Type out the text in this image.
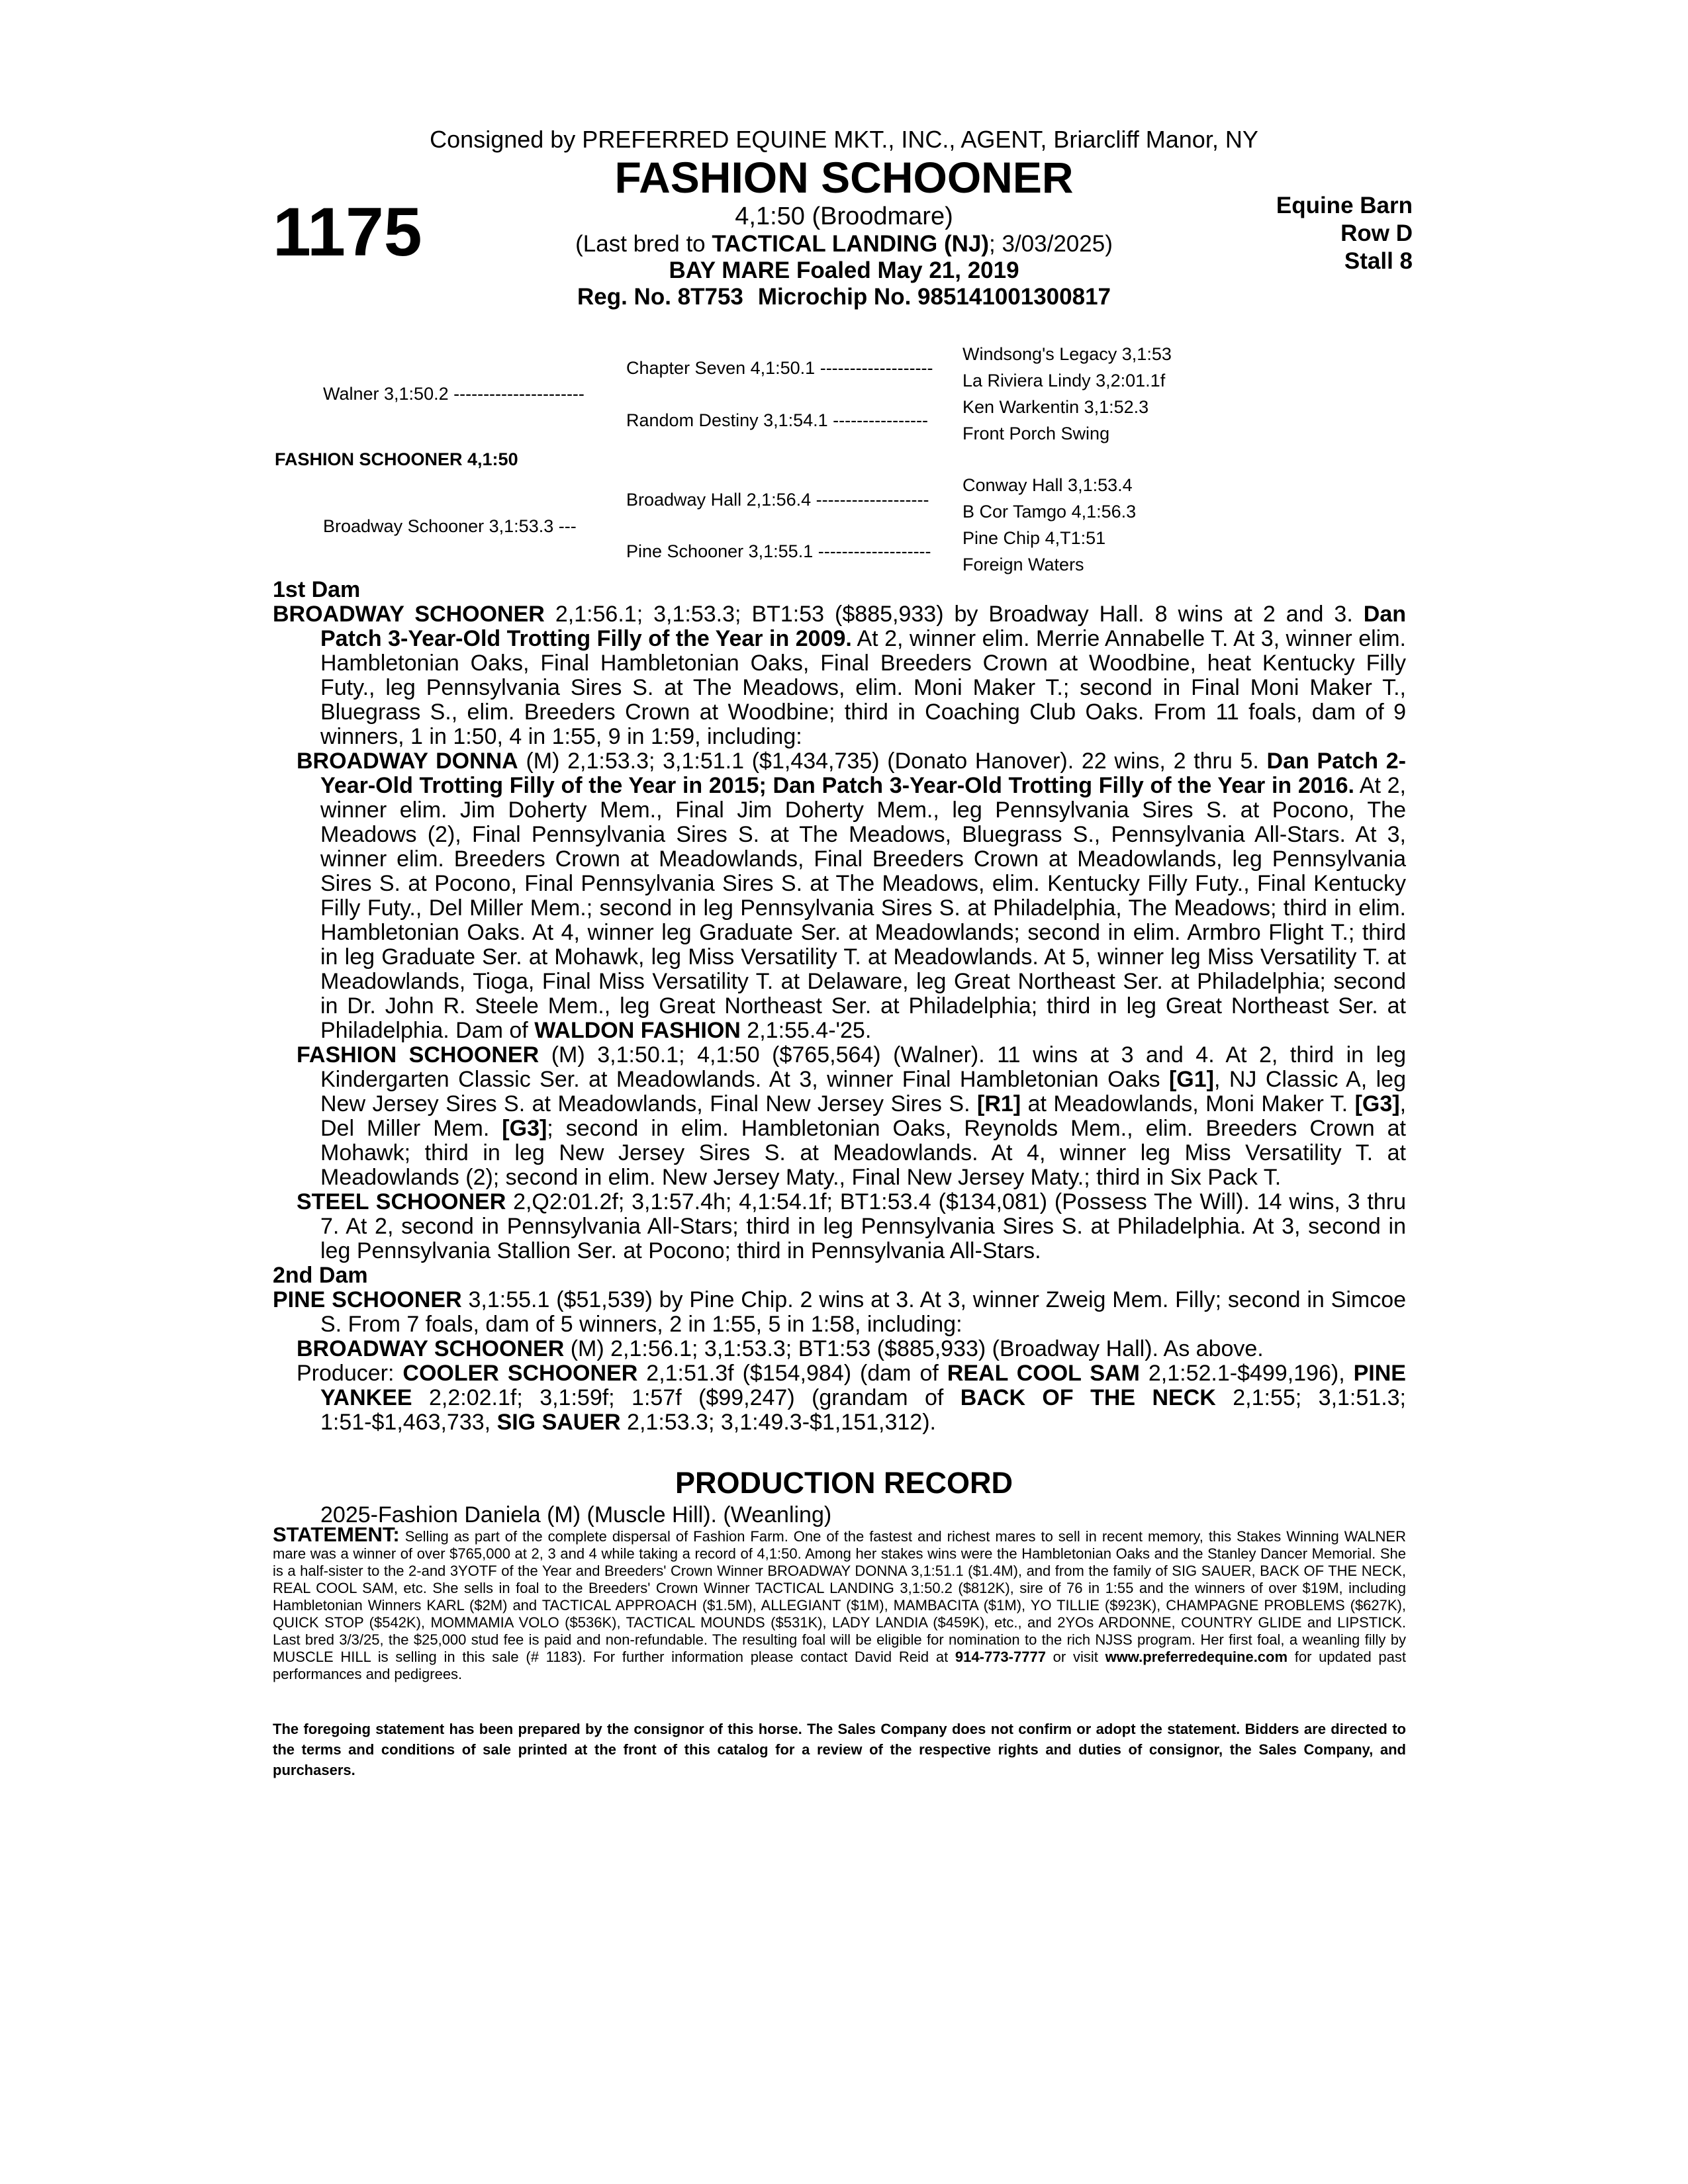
Consigned by PREFERRED EQUINE MKT., INC., AGENT, Briarcliff Manor, NY
FASHION SCHOONER
1175	Equine Barn
Row D
Stall 8
4,1:50 (Broodmare)
(Last bred to TACTICAL LANDING (NJ); 3/03/2025)
BAY MARE Foaled May 21, 2019
Reg. No. 8T753 Microchip No. 985141001300817
FASHION SCHOONER 4,1:50
Walner 3,1:50.2 ----------------------
Broadway Schooner 3,1:53.3 ---
Chapter Seven 4,1:50.1 -------------------
Random Destiny 3,1:54.1 ----------------
Broadway Hall 2,1:56.4 -------------------
Pine Schooner 3,1:55.1 -------------------
Windsong's Legacy 3,1:53
La Riviera Lindy 3,2:01.1f
Ken Warkentin 3,1:52.3
Front Porch Swing
Conway Hall 3,1:53.4
B Cor Tamgo 4,1:56.3
Pine Chip 4,T1:51
Foreign Waters

1st Dam

BROADWAY SCHOONER 2,1:56.1; 3,1:53.3; BT1:53 ($885,933) by Broadway Hall. 8 wins at 2 and 3. Dan Patch 3-Year-Old Trotting Filly of the Year in 2009. At 2, winner elim. Merrie Annabelle T. At 3, winner elim. Hambletonian Oaks, Final Hambletonian Oaks, Final Breeders Crown at Woodbine, heat Kentucky Filly Futy., leg Pennsylvania Sires S. at The Meadows, elim. Moni Maker T.; second in Final Moni Maker T., Bluegrass S., elim. Breeders Crown at Woodbine; third in Coaching Club Oaks. From 11 foals, dam of 9 winners, 1 in 1:50, 4 in 1:55, 9 in 1:59, including:

BROADWAY DONNA (M) 2,1:53.3; 3,1:51.1 ($1,434,735) (Donato Hanover). 22 wins, 2 thru 5. Dan Patch 2-Year-Old Trotting Filly of the Year in 2015; Dan Patch 3-Year-Old Trotting Filly of the Year in 2016. At 2, winner elim. Jim Doherty Mem., Final Jim Doherty Mem., leg Pennsylvania Sires S. at Pocono, The Meadows (2), Final Pennsylvania Sires S. at The Meadows, Bluegrass S., Pennsylvania All-Stars. At 3, winner elim. Breeders Crown at Meadowlands, Final Breeders Crown at Meadowlands, leg Pennsylvania Sires S. at Pocono, Final Pennsylvania Sires S. at The Meadows, elim. Kentucky Filly Futy., Final Kentucky Filly Futy., Del Miller Mem.; second in leg Pennsylvania Sires S. at Philadelphia, The Meadows; third in elim. Hambletonian Oaks. At 4, winner leg Graduate Ser. at Meadowlands; second in elim. Armbro Flight T.; third in leg Graduate Ser. at Mohawk, leg Miss Versatility T. at Meadowlands. At 5, winner leg Miss Versatility T. at Meadowlands, Tioga, Final Miss Versatility T. at Delaware, leg Great Northeast Ser. at Philadelphia; second in Dr. John R. Steele Mem., leg Great Northeast Ser. at Philadelphia; third in leg Great Northeast Ser. at Philadelphia. Dam of WALDON FASHION 2,1:55.4-'25.

FASHION SCHOONER (M) 3,1:50.1; 4,1:50 ($765,564) (Walner). 11 wins at 3 and 4. At 2, third in leg Kindergarten Classic Ser. at Meadowlands. At 3, winner Final Hambletonian Oaks [G1], NJ Classic A, leg New Jersey Sires S. at Meadowlands, Final New Jersey Sires S. [R1] at Meadowlands, Moni Maker T. [G3], Del Miller Mem. [G3]; second in elim. Hambletonian Oaks, Reynolds Mem., elim. Breeders Crown at Mohawk; third in leg New Jersey Sires S. at Meadowlands. At 4, winner leg Miss Versatility T. at Meadowlands (2); second in elim. New Jersey Maty., Final New Jersey Maty.; third in Six Pack T.

STEEL SCHOONER 2,Q2:01.2f; 3,1:57.4h; 4,1:54.1f; BT1:53.4 ($134,081) (Possess The Will). 14 wins, 3 thru 7. At 2, second in Pennsylvania All-Stars; third in leg Pennsylvania Sires S. at Philadelphia. At 3, second in leg Pennsylvania Stallion Ser. at Pocono; third in Pennsylvania All-Stars.

2nd Dam

PINE SCHOONER 3,1:55.1 ($51,539) by Pine Chip. 2 wins at 3. At 3, winner Zweig Mem. Filly; second in Simcoe S. From 7 foals, dam of 5 winners, 2 in 1:55, 5 in 1:58, including:

BROADWAY SCHOONER (M) 2,1:56.1; 3,1:53.3; BT1:53 ($885,933) (Broadway Hall). As above.

Producer: COOLER SCHOONER 2,1:51.3f ($154,984) (dam of REAL COOL SAM 2,1:52.1-$499,196), PINE YANKEE 2,2:02.1f; 3,1:59f; 1:57f ($99,247) (grandam of BACK OF THE NECK 2,1:55; 3,1:51.3; 1:51-$1,463,733, SIG SAUER 2,1:53.3; 3,1:49.3-$1,151,312).

PRODUCTION RECORD
2025-Fashion Daniela (M) (Muscle Hill). (Weanling)
STATEMENT: Selling as part of the complete dispersal of Fashion Farm. One of the fastest and richest mares to sell in recent memory, this Stakes Winning WALNER mare was a winner of over $765,000 at 2, 3 and 4 while taking a record of 4,1:50. Among her stakes wins were the Hambletonian Oaks and the Stanley Dancer Memorial. She is a half-sister to the 2-and 3YOTF of the Year and Breeders' Crown Winner BROADWAY DONNA 3,1:51.1 ($1.4M), and from the family of SIG SAUER, BACK OF THE NECK, REAL COOL SAM, etc. She sells in foal to the Breeders' Crown Winner TACTICAL LANDING 3,1:50.2 ($812K), sire of 76 in 1:55 and the winners of over $19M, including Hambletonian Winners KARL ($2M) and TACTICAL APPROACH ($1.5M), ALLEGIANT ($1M), MAMBACITA ($1M), YO TILLIE ($923K), CHAMPAGNE PROBLEMS ($627K), QUICK STOP ($542K), MOMMAMIA VOLO ($536K), TACTICAL MOUNDS ($531K), LADY LANDIA ($459K), etc., and 2YOs ARDONNE, COUNTRY GLIDE and LIPSTICK. Last bred 3/3/25, the $25,000 stud fee is paid and non-refundable. The resulting foal will be eligible for nomination to the rich NJSS program. Her first foal, a weanling filly by MUSCLE HILL is selling in this sale (# 1183). For further information please contact David Reid at 914-773-7777 or visit www.preferredequine.com for updated past performances and pedigrees.
The foregoing statement has been prepared by the consignor of this horse. The Sales Company does not confirm or adopt the statement. Bidders are directed to the terms and conditions of sale printed at the front of this catalog for a review of the respective rights and duties of consignor, the Sales Company, and purchasers.
